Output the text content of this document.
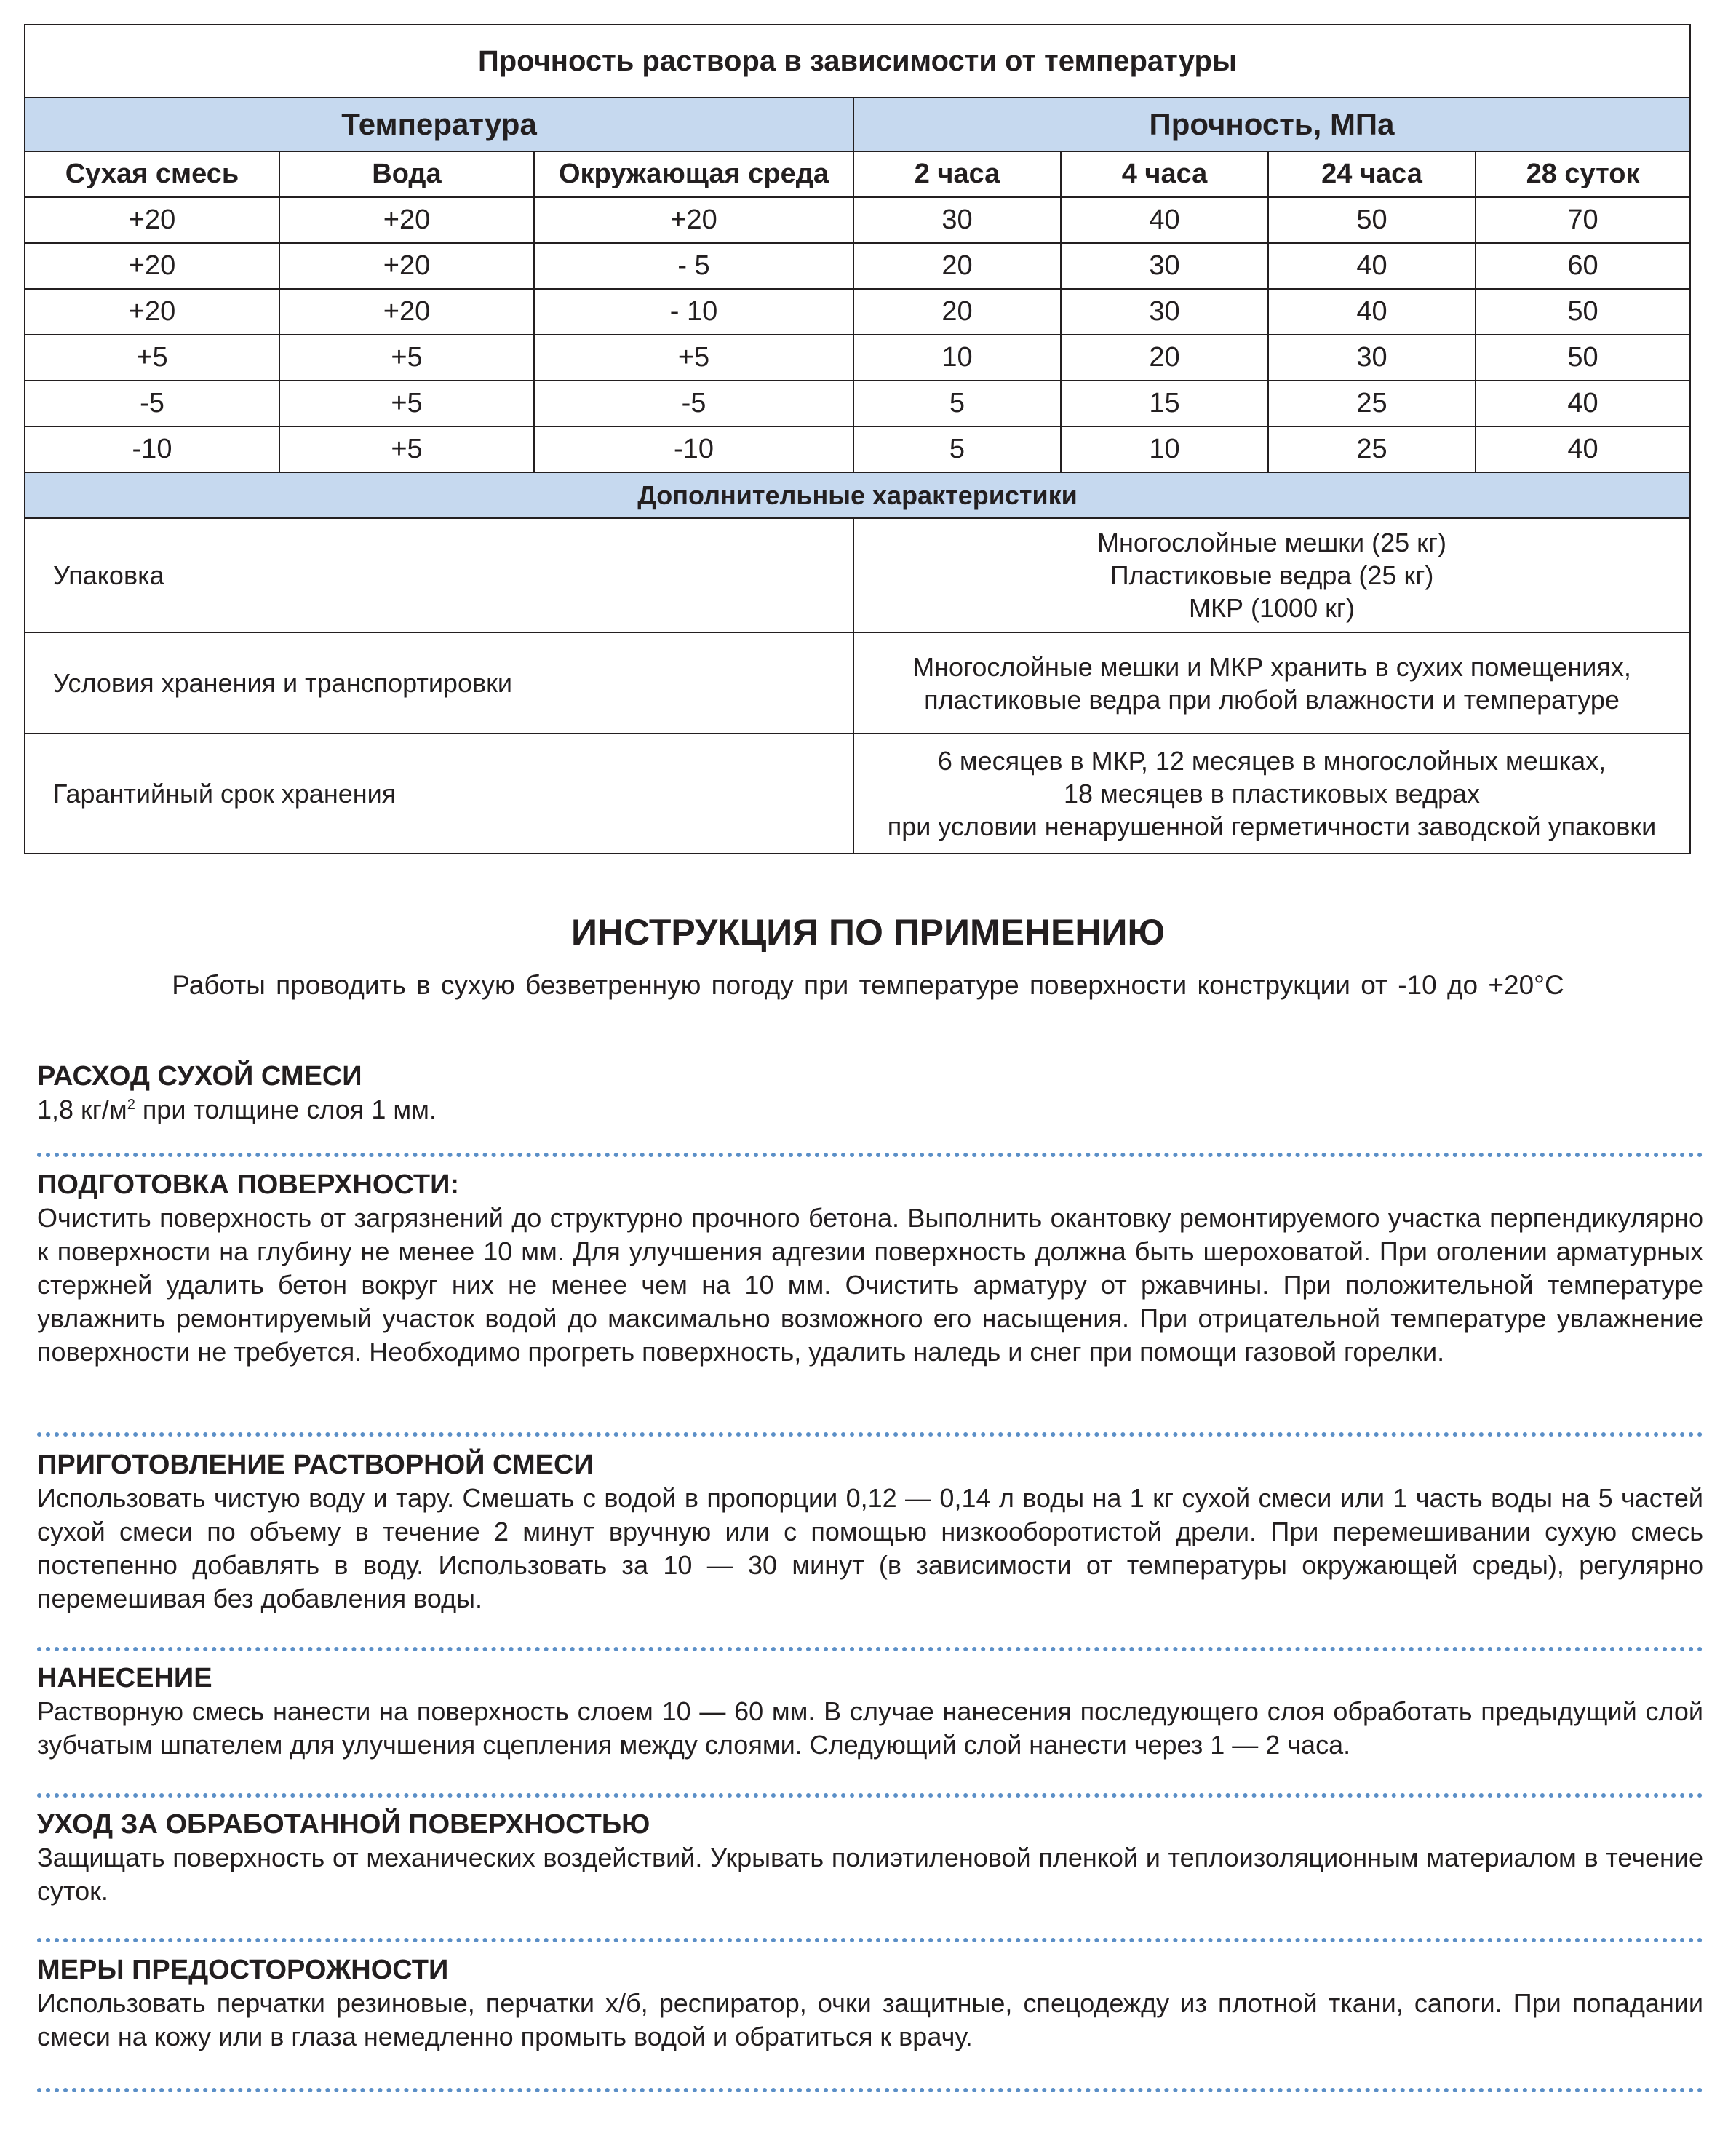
Прочность раствора в зависимости от температуры						
Температура			Прочность, МПа			
Сухая смесь	Вода	Окружающая среда	2 часа	4 часа	24 часа	28 суток
+20	+20	+20	30	40	50	70
+20	+20	- 5	20	30	40	60
+20	+20	- 10	20	30	40	50
+5	+5	+5	10	20	30	50
-5	+5	-5	5	15	25	40
-10	+5	-10	5	10	25	40
Дополнительные характеристики						
Упаковка			Многослойные мешки (25 кг)
Пластиковые ведра (25 кг)
МКР (1000 кг)			

Условия хранения и транспортировки			Многослойные мешки и МКР хранить в сухих помещениях,
пластиковые ведра при любой влажности и температуре			

Гарантийный срок хранения			6 месяцев в МКР, 12 месяцев в многослойных мешках,
18 месяцев в пластиковых ведрах
при условии ненарушенной герметичности заводской упаковки			
ИНСТРУКЦИЯ ПО ПРИМЕНЕНИЮ
Работы проводить в сухую безветренную погоду при температуре поверхности конструкции от -10 до +20°С
РАСХОД СУХОЙ СМЕСИ
1,8 $кг/м^2$ при толщине слоя 1 мм.
ПОДГОТОВКА ПОВЕРХНОСТИ:
Очистить поверхность от загрязнений до структурно прочного бетона. Выполнить окантовку ремонтируемого участка перпендикулярно к поверхности на глубину не менее 10 мм. Для улучшения адгезии поверхность должна быть шероховатой. При оголении арматурных стержней удалить бетон вокруг них не менее чем на 10 мм. Очистить арматуру от ржавчины. При положительной температуре увлажнить ремонтируемый участок водой до максимально возможного его насыщения. При отрицательной температуре увлажнение поверхности не требуется. Необходимо прогреть поверхность, удалить наледь и снег при помощи газовой горелки.
ПРИГОТОВЛЕНИЕ РАСТВОРНОЙ СМЕСИ
Использовать чистую воду и тару. Смешать с водой в пропорции 0,12 — 0,14 л воды на 1 кг сухой смеси или 1 часть воды на 5 частей сухой смеси по объему в течение 2 минут вручную или с помощью низкооборотистой дрели. При перемешивании сухую смесь постепенно добавлять в воду. Использовать за 10 — 30 минут (в зависимости от температуры окружающей среды), регулярно перемешивая без добавления воды.
НАНЕСЕНИЕ
Растворную смесь нанести на поверхность слоем 10 — 60 мм. В случае нанесения последующего слоя обработать предыдущий слой зубчатым шпателем для улучшения сцепления между слоями. Следующий слой нанести через 1 — 2 часа.
УХОД ЗА ОБРАБОТАННОЙ ПОВЕРХНОСТЬЮ
Защищать поверхность от механических воздействий. Укрывать полиэтиленовой пленкой и теплоизоляционным материалом в течение суток.
МЕРЫ ПРЕДОСТОРОЖНОСТИ
Использовать перчатки резиновые, перчатки х/б, респиратор, очки защитные, спецодежду из плотной ткани, сапоги. При попадании смеси на кожу или в глаза немедленно промыть водой и обратиться к врачу.
